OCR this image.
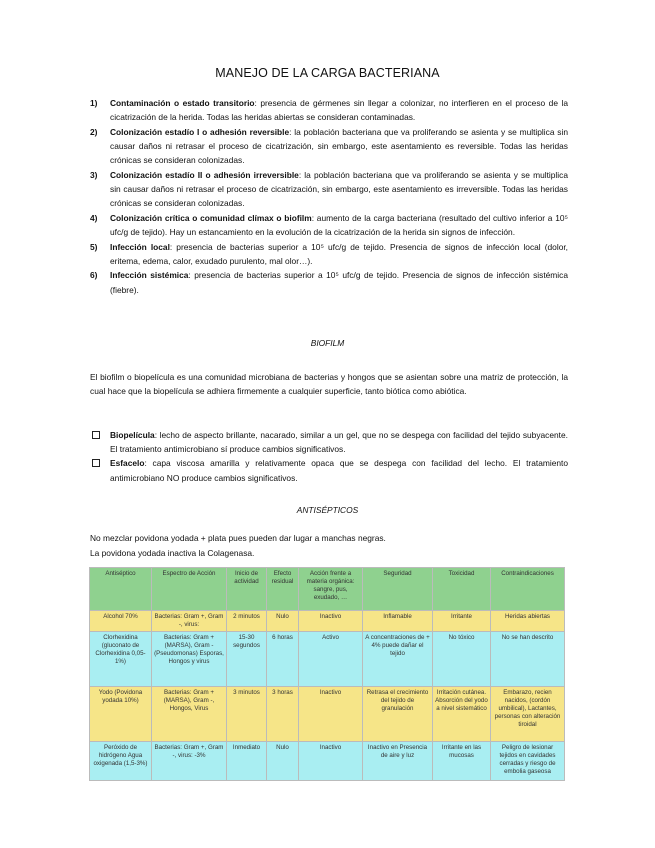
MANEJO DE LA CARGA BACTERIANA
1)	Contaminación o estado transitorio: presencia de gérmenes sin llegar a colonizar, no interfieren en el proceso de la cicatrización de la herida. Todas las heridas abiertas se consideran contaminadas.
2)	Colonización estadío I o adhesión reversible: la población bacteriana que va proliferando se asienta y se multiplica sin causar daños ni retrasar el proceso de cicatrización, sin embargo, este asentamiento es reversible. Todas las heridas crónicas se consideran colonizadas.
3)	Colonización estadío II o adhesión irreversible: la población bacteriana que va proliferando se asienta y se multiplica sin causar daños ni retrasar el proceso de cicatrización, sin embargo, este asentamiento es irreversible. Todas las heridas crónicas se consideran colonizadas.
4)	Colonización crítica o comunidad clímax o biofilm: aumento de la carga bacteriana (resultado del cultivo inferior a 10⁵ ufc/g de tejido). Hay un estancamiento en la evolución de la cicatrización de la herida sin signos de infección.
5)	Infección local: presencia de bacterias superior a 10⁵ ufc/g de tejido. Presencia de signos de infección local (dolor, eritema, edema, calor, exudado purulento, mal olor…).
6)	Infección sistémica: presencia de bacterias superior a 10⁵ ufc/g de tejido. Presencia de signos de infección sistémica (fiebre).
BIOFILM
El biofilm o biopelícula es una comunidad microbiana de bacterias y hongos que se asientan sobre una matriz de protección, la cual hace que la biopelícula se adhiera firmemente a cualquier superficie, tanto biótica como abiótica.
Biopelícula: lecho de aspecto brillante, nacarado, similar a un gel, que no se despega con facilidad del tejido subyacente. El tratamiento antimicrobiano sí produce cambios significativos.
Esfacelo: capa viscosa amarilla y relativamente opaca que se despega con facilidad del lecho. El tratamiento antimicrobiano NO produce cambios significativos.
ANTISÉPTICOS
No mezclar povidona yodada + plata pues pueden dar lugar a manchas negras.
La povidona yodada inactiva la Colagenasa.
Antiséptico	Espectro de Acción	Inicio de actividad	Efecto residual	Acción frente a materia orgánica: sangre, pus, exudado, …	Seguridad	Toxicidad	Contraindicaciones
Alcohol 70%	Bacterias: Gram +, Gram -, virus:	2 minutos	Nulo	Inactivo	Inflamable	Irritante	Heridas abiertas
Clorhexidina (gluconato de Clorhexidina 0,05-1%)	Bacterias: Gram + (MARSA), Gram - (Pseudomonas) Esporas, Hongos y virus	15-30 segundos	6 horas	Activo	A concentraciones de + 4% puede dañar el tejido	No tóxico	No se han descrito
Yodo (Povidona yodada 10%)	Bacterias: Gram + (MARSA), Gram -, Hongos, Virus	3 minutos	3 horas	Inactivo	Retrasa el crecimiento del tejido de granulación	Irritación cutánea. Absorción del yodo a nivel sistemático	Embarazo, recien nacidos, (cordón umbilical), Lactantes, personas con alteración tiroidal
Peróxido de hidrógeno Agua oxigenada (1,5-3%)	Bacterias: Gram +, Gram -, virus: -3%	Inmediato	Nulo	Inactivo	Inactivo en Presencia de aire y luz	Irritante en las mucosas	Peligro de lesionar tejidos en cavidades cerradas y riesgo de embolia gaseosa
